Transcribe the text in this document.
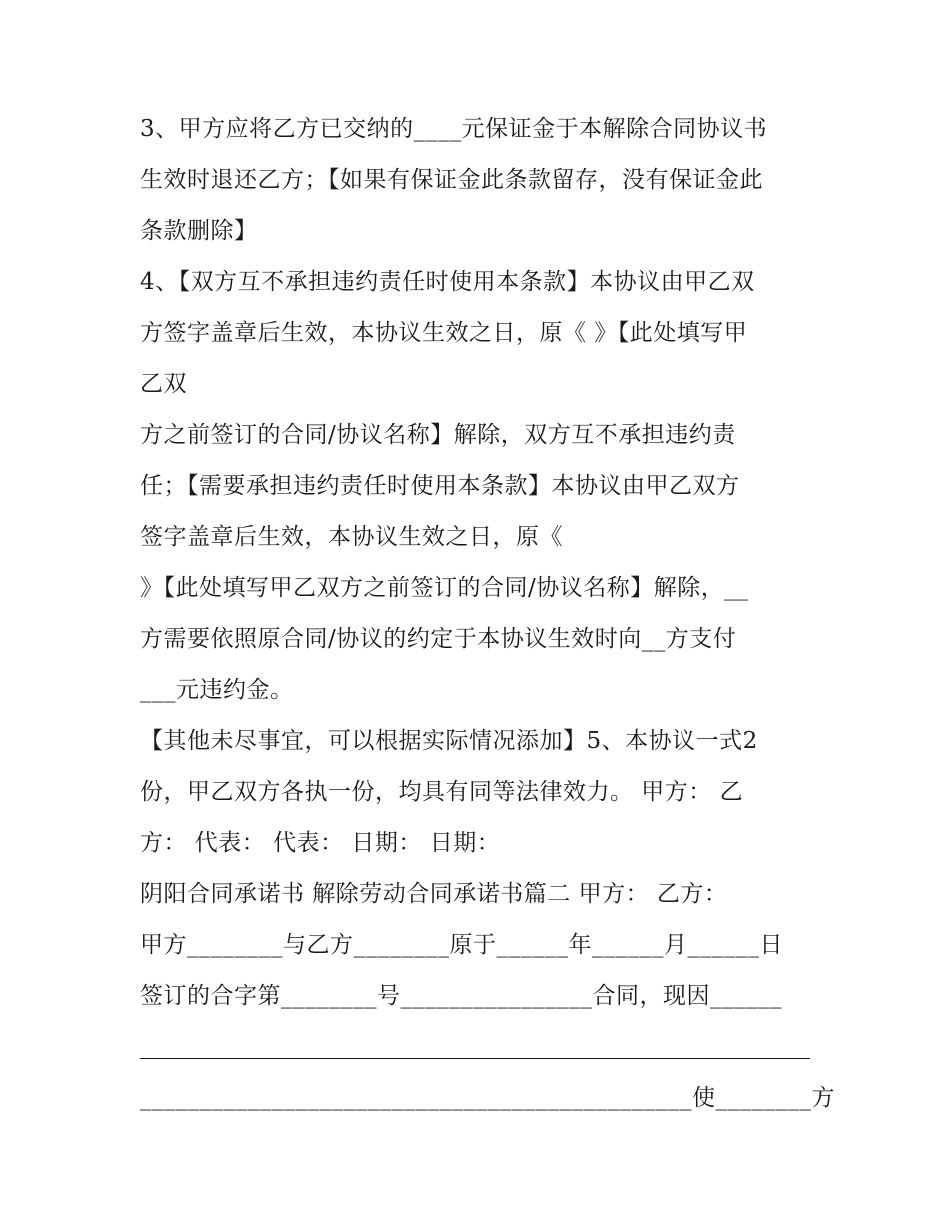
3、甲方应将乙方已交纳的____元保证金于本解除合同协议书
生效时退还乙方；【如果有保证金此条款留存，没有保证金此
条款删除】
4、【双方互不承担违约责任时使用本条款】本协议由甲乙双
方签字盖章后生效，本协议生效之日，原《 》【此处填写甲
乙双
方之前签订的合同/协议名称】解除，双方互不承担违约责
任；【需要承担违约责任时使用本条款】本协议由甲乙双方
签字盖章后生效，本协议生效之日，原《
》【此处填写甲乙双方之前签订的合同/协议名称】解除，__
方需要依照原合同/协议的约定于本协议生效时向__方支付
___元违约金。
【其他未尽事宜，可以根据实际情况添加】5、本协议一式2
份，甲乙双方各执一份，均具有同等法律效力。 甲方： 乙
方： 代表： 代表： 日期： 日期：
阴阳合同承诺书 解除劳动合同承诺书篇二 甲方： 乙方：
甲方________与乙方________原于______年______月______日
签订的合字第________号________________合同，现因______
______________________________________________使________方
